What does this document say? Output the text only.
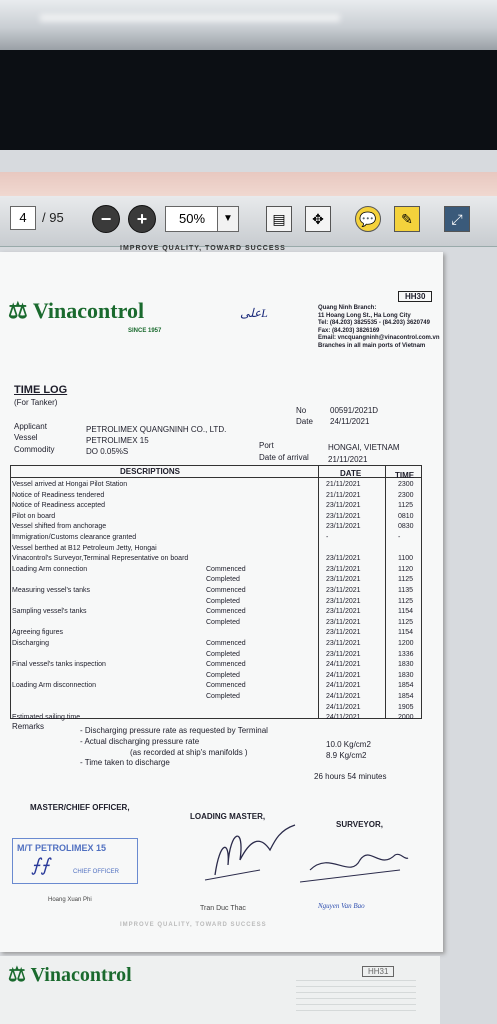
4	/ 95	−	+	50%	▼	▤	✥	💬	✎	⤢
IMPROVE QUALITY, TOWARD SUCCESS
⚖ Vinacontrol
SINCE 1957
علیL
HH30
Quang Ninh Branch:
11 Hoang Long St., Ha Long City
Tel: (84.203) 3825535 - (84.203) 3620749
Fax: (84.203) 3826169
Email: vncquangninh@vinacontrol.com.vn
Branches in all main ports of Vietnam
TIME LOG
(For Tanker)
No	00591/2021D
Date 24/11/2021
Applicant	PETROLIMEX QUANGNINH CO., LTD.
Vessel	PETROLIMEX 15
Commodity	DO 0.05%S
Port	HONGAI, VIETNAM
Date of arrival 21/11/2021
DESCRIPTIONS	DATE	TIME
Vessel arrived at Hongai Pilot Station	21/11/2021	2300
Notice of Readiness tendered	21/11/2021	2300
Notice of Readiness accepted	23/11/2021	1125
Pilot on board	23/11/2021	0810
Vessel shifted from anchorage	23/11/2021	0830
Immigration/Customs clearance granted	-	-
Vessel berthed at B12 Petroleum Jetty, Hongai
Vinacontrol's Surveyor,Terminal Representative on board	23/11/2021	1100
Loading Arm connection	Commenced	23/11/2021	1120
Completed	23/11/2021	1125
Measuring vessel's tanks	Commenced	23/11/2021	1135
Completed	23/11/2021	1125
Sampling vessel's tanks	Commenced	23/11/2021	1154
Completed	23/11/2021	1125
Agreeing figures	23/11/2021	1154
Discharging	Commenced	23/11/2021	1200
Completed	23/11/2021	1336
Final vessel's tanks inspection	Commenced	24/11/2021	1830
Completed	24/11/2021	1830
Loading Arm disconnection	Commenced	24/11/2021	1854
Completed	24/11/2021	1854
24/11/2021	1905
Estimated sailing time	24/11/2021	2000
Remarks	- Discharging pressure rate as requested by Terminal
- Actual discharging pressure rate
(as recorded at ship's manifolds )
- Time taken to discharge
10.0 Kg/cm2
8.9 Kg/cm2
26 hours 54 minutes
MASTER/CHIEF OFFICER,
LOADING MASTER,
SURVEYOR,
M/T PETROLIMEX 15
CHIEF OFFICER
⨍⨍
Hoang Xuan Phi
Tran Duc Thac	Nguyen Van Bao
IMPROVE QUALITY, TOWARD SUCCESS
⚖ Vinacontrol	HH31
